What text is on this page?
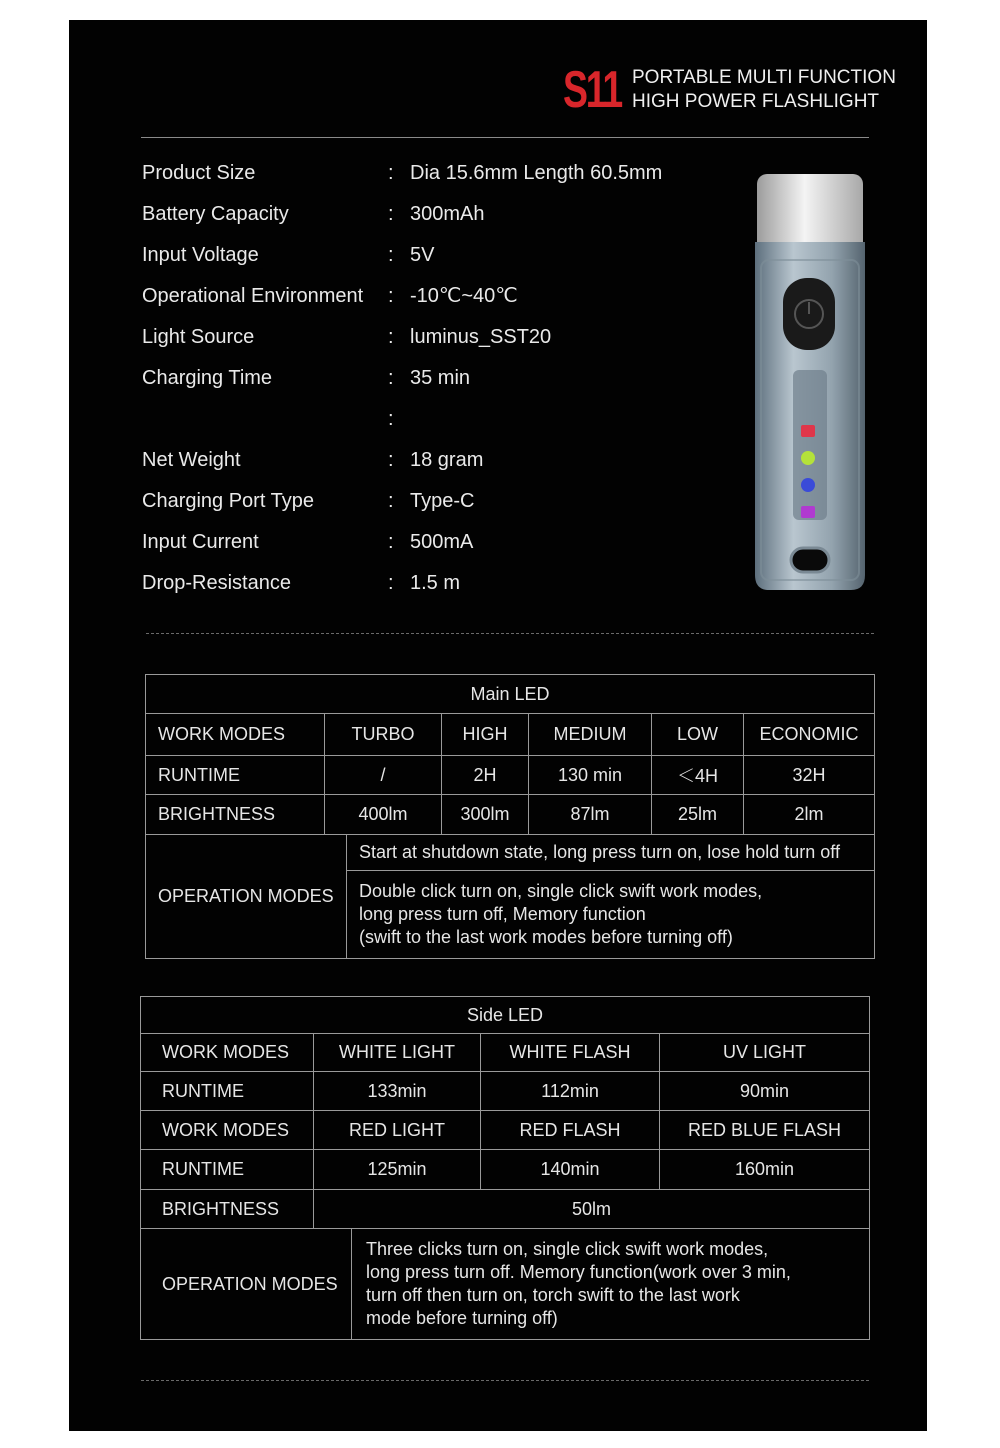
S11 PORTABLE MULTI FUNCTION
HIGH POWER FLASHLIGHT
Product Size	: Dia 15.6mm Length 60.5mm
Battery Capacity	: 300mAh
Input Voltage	: 5V
Operational Environment : -10℃~40℃
Light Source	: luminus_SST20
Charging Time	: 35 min
:
Net Weight	: 18 gram
Charging Port Type	: Type-C
Input Current	: 500mA
Drop-Resistance	: 1.5 m
Main LED						
WORK MODES	TURBO		HIGH	MEDIUM	LOW	ECONOMIC
RUNTIME	/		2H	130 min	＜4H	32H
BRIGHTNESS	400lm		300lm	87lm	25lm	2lm
OPERATION MODES		Start at shutdown state, long press turn on, lose hold turn off				

		Double click turn on, single click swift work modes,
long press turn off, Memory function
(swift to the last work modes before turning off)				
Side LED				
WORK MODES	WHITE LIGHT		WHITE FLASH	UV LIGHT
RUNTIME	133min		112min	90min
WORK MODES	RED LIGHT		RED FLASH	RED BLUE FLASH
RUNTIME	125min		140min	160min
BRIGHTNESS	50lm			
OPERATION MODES		Three clicks turn on, single click swift work modes,
long press turn off. Memory function(work over 3 min,
turn off then turn on, torch swift to the last work
mode before turning off)		
